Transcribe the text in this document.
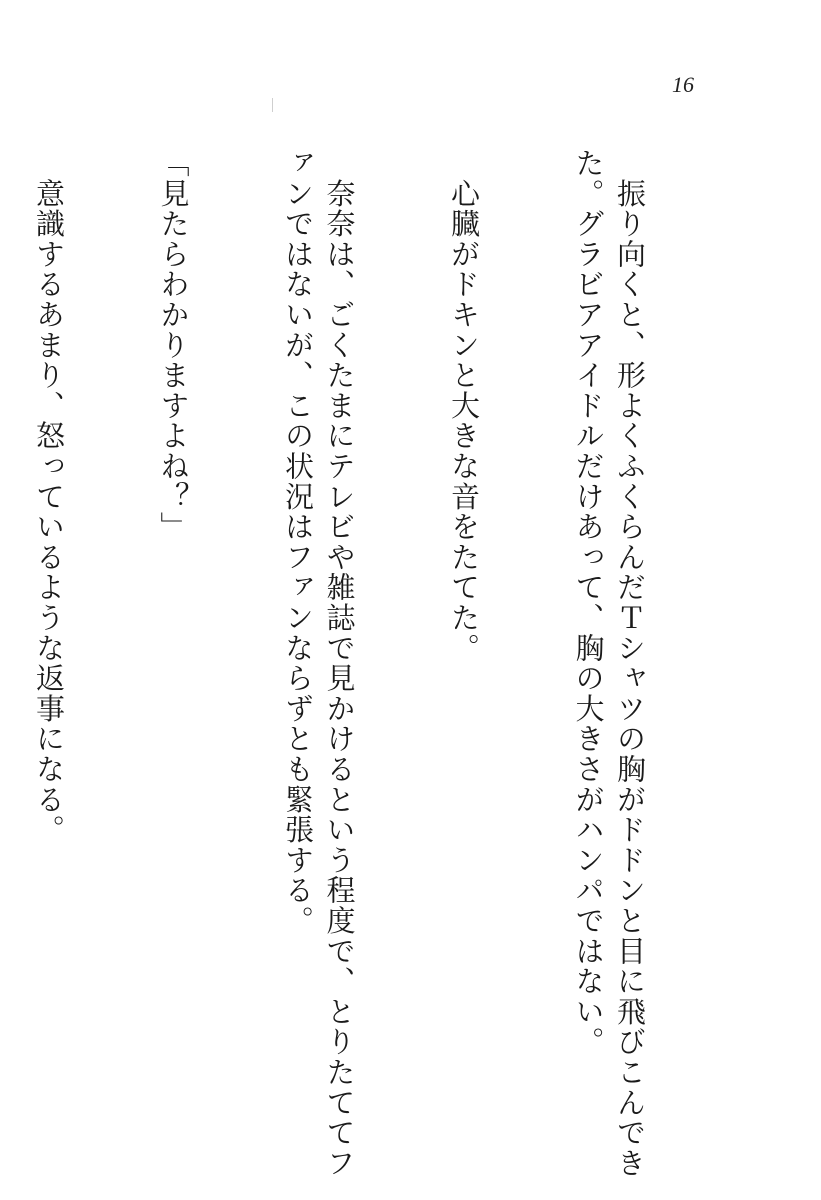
16

　振り向くと、形よくふくらんだＴシャツの胸がドドンと目に飛びこんできた。グラビアアイドルだけあって、胸の大きさがハンパではない。

　心臓がドキンと大きな音をたてた。

　奈奈は、ごくたまにテレビや雑誌で見かけるという程度で、とりたててファンではないが、この状況はファンならずとも緊張する。

「見たらわかりますよね？」

　意識するあまり、怒っているような返事になる。
